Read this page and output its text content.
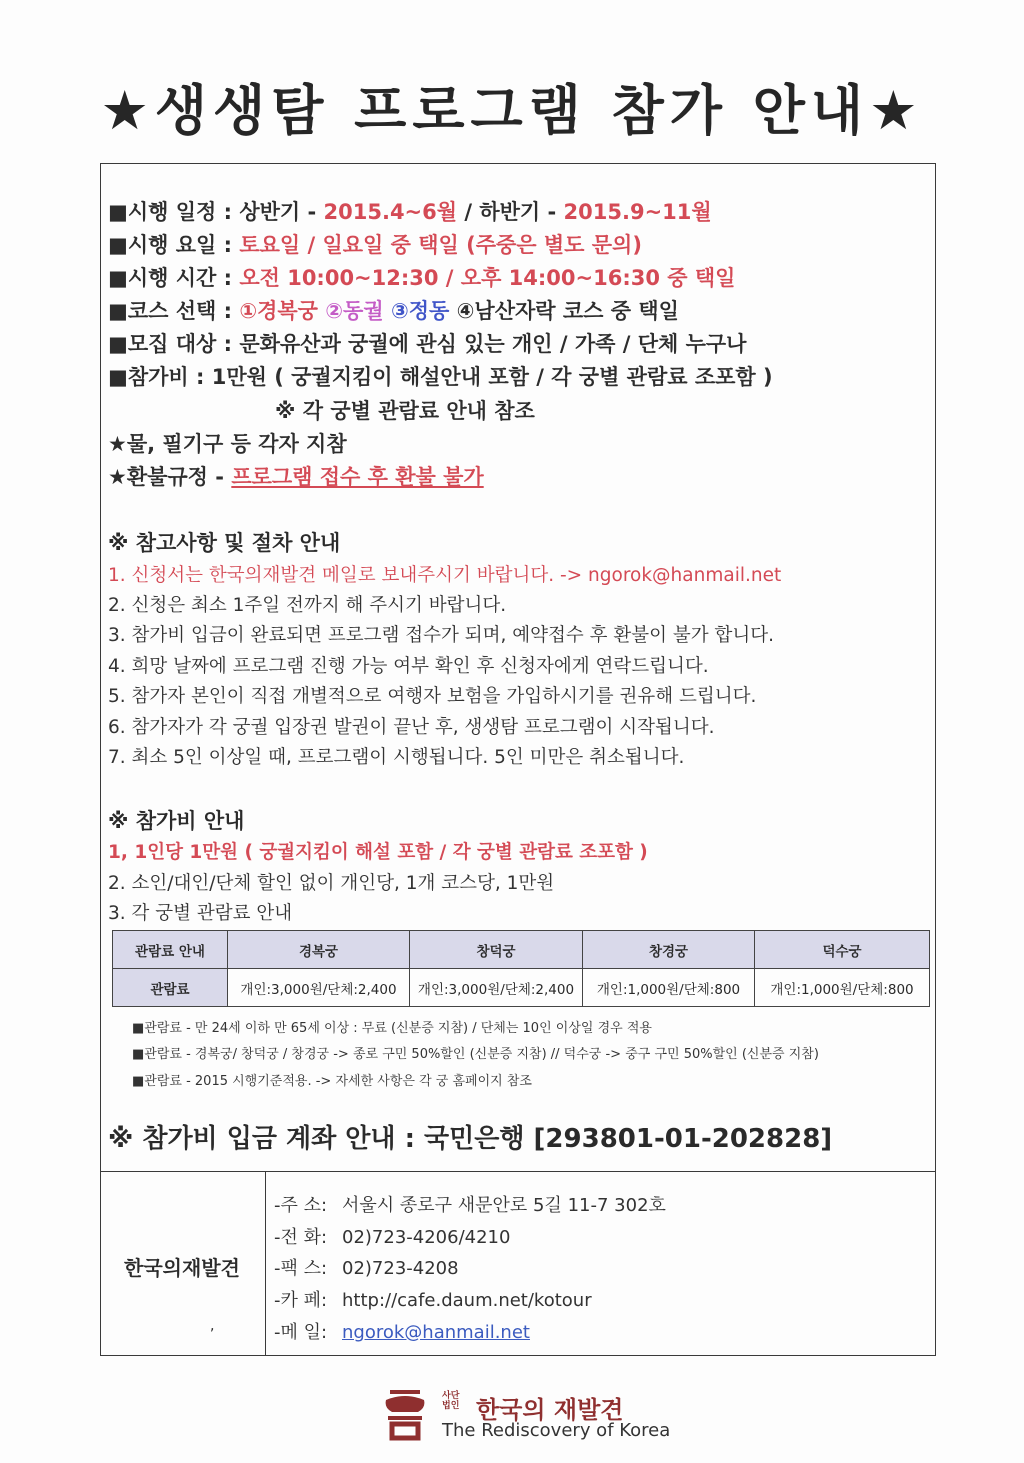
★생생탐 프로그램 참가 안내★
■시행 일정 : 상반기 - 2015.4~6월 / 하반기 - 2015.9~11월
■시행 요일 : 토요일 / 일요일 중 택일 (주중은 별도 문의)
■시행 시간 : 오전 10:00~12:30 / 오후 14:00~16:30 중 택일
■코스 선택 : ①경복궁 ②동궐 ③정동 ④남산자락 코스 중 택일
■모집 대상 : 문화유산과 궁궐에 관심 있는 개인 / 가족 / 단체 누구나
■참가비 : 1만원 ( 궁궐지킴이 해설안내 포함 / 각 궁별 관람료 조포함 )
※ 각 궁별 관람료 안내 참조
★물, 필기구 등 각자 지참
★환불규정 - 프로그램 접수 후 환불 불가
※ 참고사항 및 절차 안내
1. 신청서는 한국의재발견 메일로 보내주시기 바랍니다. -> ngorok@hanmail.net
2. 신청은 최소 1주일 전까지 해 주시기 바랍니다.
3. 참가비 입금이 완료되면 프로그램 접수가 되며, 예약접수 후 환불이 불가 합니다.
4. 희망 날짜에 프로그램 진행 가능 여부 확인 후 신청자에게 연락드립니다.
5. 참가자 본인이 직접 개별적으로 여행자 보험을 가입하시기를 권유해 드립니다.
6. 참가자가 각 궁궐 입장권 발권이 끝난 후, 생생탐 프로그램이 시작됩니다.
7. 최소 5인 이상일 때, 프로그램이 시행됩니다. 5인 미만은 취소됩니다.
※ 참가비 안내
1, 1인당 1만원 ( 궁궐지킴이 해설 포함 / 각 궁별 관람료 조포함 )
2. 소인/대인/단체 할인 없이 개인당, 1개 코스당, 1만원
3. 각 궁별 관람료 안내
관람료 안내	경복궁	창덕궁	창경궁	덕수궁
관람료	개인:3,000원/단체:2,400	개인:3,000원/단체:2,400	개인:1,000원/단체:800	개인:1,000원/단체:800
■관람료 - 만 24세 이하 만 65세 이상 : 무료 (신분증 지참) / 단체는 10인 이상일 경우 적용
■관람료 - 경복궁/ 창덕궁 / 창경궁 -> 종로 구민 50%할인 (신분증 지참) // 덕수궁 -> 중구 구민 50%할인 (신분증 지참)
■관람료 - 2015 시행기준적용. -> 자세한 사항은 각 궁 홈페이지 참조
※ 참가비 입금 계좌 안내 : 국민은행 [293801-01-202828]
한국의재발견
,
-주 소: 서울시 종로구 새문안로 5길 11-7 302호
-전 화: 02)723-4206/4210
-팩 스: 02)723-4208
-카 페: http://cafe.daum.net/kotour
-메 일: ngorok@hanmail.net
사단법인 한국의 재발견
The Rediscovery of Korea
